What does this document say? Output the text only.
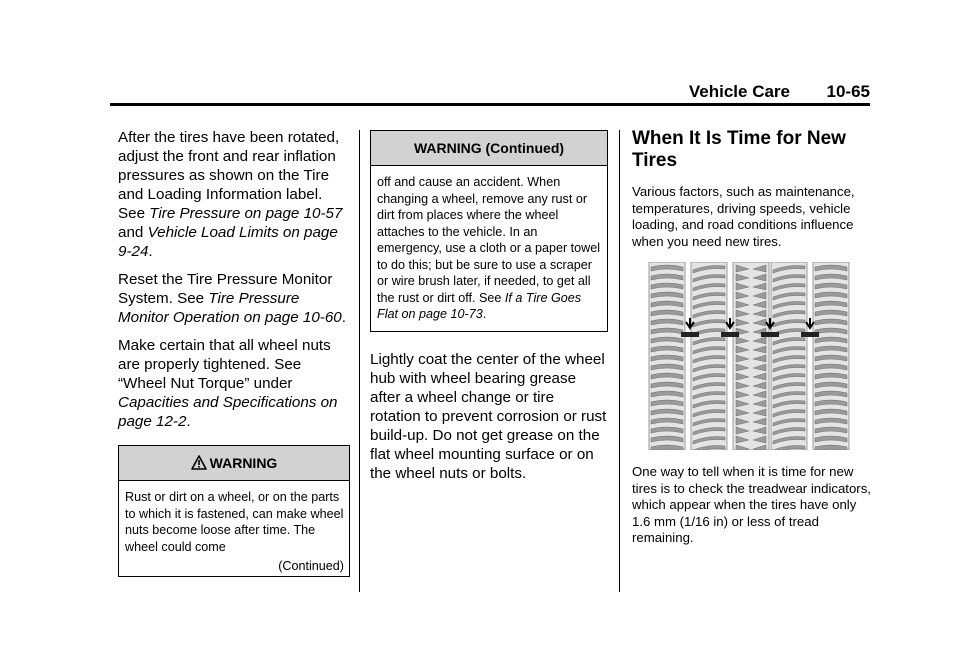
Vehicle Care 10-65

After the tires have been rotated, adjust the front and rear inflation pressures as shown on the Tire and Loading Information label. See Tire Pressure on page 10-57 and Vehicle Load Limits on page 9-24.

Reset the Tire Pressure Monitor System. See Tire Pressure Monitor Operation on page 10-60.

Make certain that all wheel nuts are properly tightened. See “Wheel Nut Torque” under Capacities and Specifications on page 12-2.

WARNING
Rust or dirt on a wheel, or on the parts to which it is fastened, can make wheel nuts become loose after time. The wheel could come
(Continued)
WARNING (Continued)
off and cause an accident. When changing a wheel, remove any rust or dirt from places where the wheel attaches to the vehicle. In an emergency, use a cloth or a paper towel to do this; but be sure to use a scraper or wire brush later, if needed, to get all the rust or dirt off. See If a Tire Goes Flat on page 10-73.

Lightly coat the center of the wheel hub with wheel bearing grease after a wheel change or tire rotation to prevent corrosion or rust build-up. Do not get grease on the flat wheel mounting surface or on the wheel nuts or bolts.

When It Is Time for New Tires

Various factors, such as maintenance, temperatures, driving speeds, vehicle loading, and road conditions influence when you need new tires.

One way to tell when it is time for new tires is to check the treadwear indicators, which appear when the tires have only 1.6 mm (1/16 in) or less of tread remaining.
